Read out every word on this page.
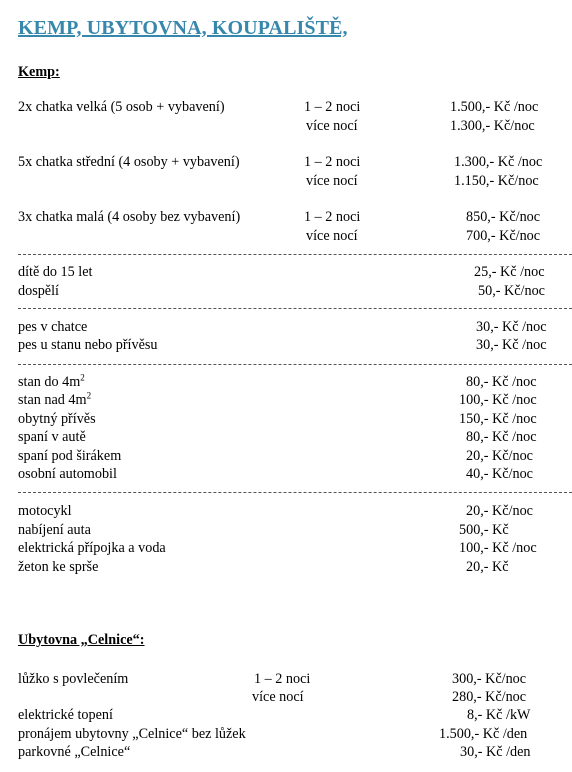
KEMP, UBYTOVNA, KOUPALIŠTĚ,
Kemp:
2x chatka velká (5 osob + vybavení)	1 – 2 noci	1.500,- Kč /noc
více nocí	1.300,- Kč/noc
5x chatka střední (4 osoby + vybavení)	1 – 2 noci	1.300,- Kč /noc
více nocí	1.150,- Kč/noc
3x chatka malá (4 osoby bez vybavení)	1 – 2 noci	850,- Kč/noc
více nocí	700,- Kč/noc
dítě do 15 let	25,- Kč /noc
dospělí	50,- Kč/noc
pes v chatce	30,- Kč /noc
pes u stanu nebo přívěsu	30,- Kč /noc
stan do $4m^2$	80,- Kč /noc
stan nad $4m^2$	100,- Kč /noc
obytný přívěs	150,- Kč /noc
spaní v autě	80,- Kč /noc
spaní pod širákem	20,- Kč/noc
osobní automobil	40,- Kč/noc
motocykl	20,- Kč/noc
nabíjení auta	500,- Kč
elektrická přípojka a voda	100,- Kč /noc
žeton ke sprše	20,- Kč
Ubytovna „Celnice“:
lůžko s povlečením	1 – 2 noci	300,- Kč/noc
více nocí	280,- Kč/noc
elektrické topení	8,- Kč /kW
pronájem ubytovny „Celnice“ bez lůžek	1.500,- Kč /den
parkovné „Celnice“	30,- Kč /den
